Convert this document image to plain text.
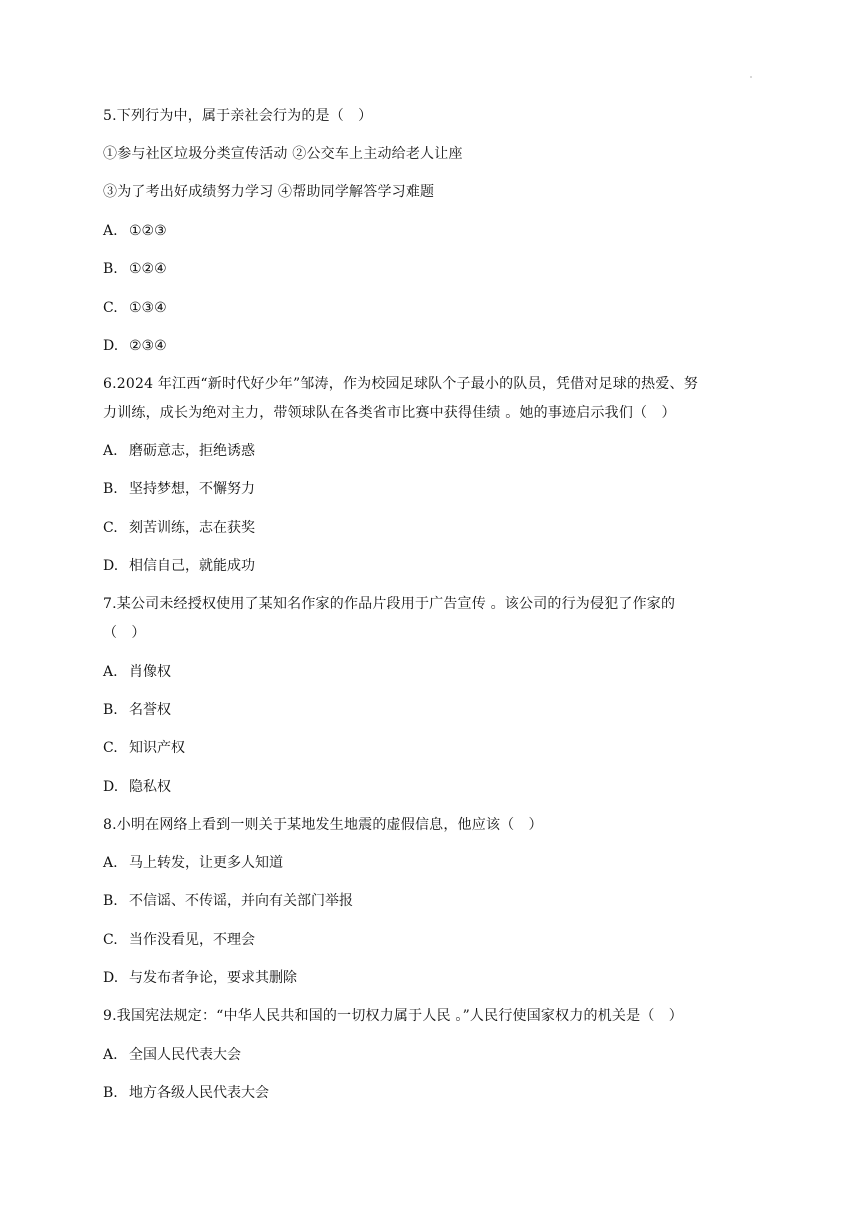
5.下列行为中，属于亲社会行为的是（　）
①参与社区垃圾分类宣传活动 ②公交车上主动给老人让座
③为了考出好成绩努力学习 ④帮助同学解答学习难题
A. ①②③
B. ①②④
C. ①③④
D. ②③④
6.2024 年江西“新时代好少年”邹涛，作为校园足球队个子最小的队员，凭借对足球的热爱、努
力训练，成长为绝对主力，带领球队在各类省市比赛中获得佳绩 。她的事迹启示我们（　）
A. 磨砺意志，拒绝诱惑
B. 坚持梦想，不懈努力
C. 刻苦训练，志在获奖
D. 相信自己，就能成功
7.某公司未经授权使用了某知名作家的作品片段用于广告宣传 。该公司的行为侵犯了作家的
（　）
A. 肖像权
B. 名誉权
C. 知识产权
D. 隐私权
8.小明在网络上看到一则关于某地发生地震的虚假信息，他应该（　）
A. 马上转发，让更多人知道
B. 不信谣、不传谣，并向有关部门举报
C. 当作没看见，不理会
D. 与发布者争论，要求其删除
9.我国宪法规定：“中华人民共和国的一切权力属于人民 。”人民行使国家权力的机关是（　）
A. 全国人民代表大会
B. 地方各级人民代表大会
